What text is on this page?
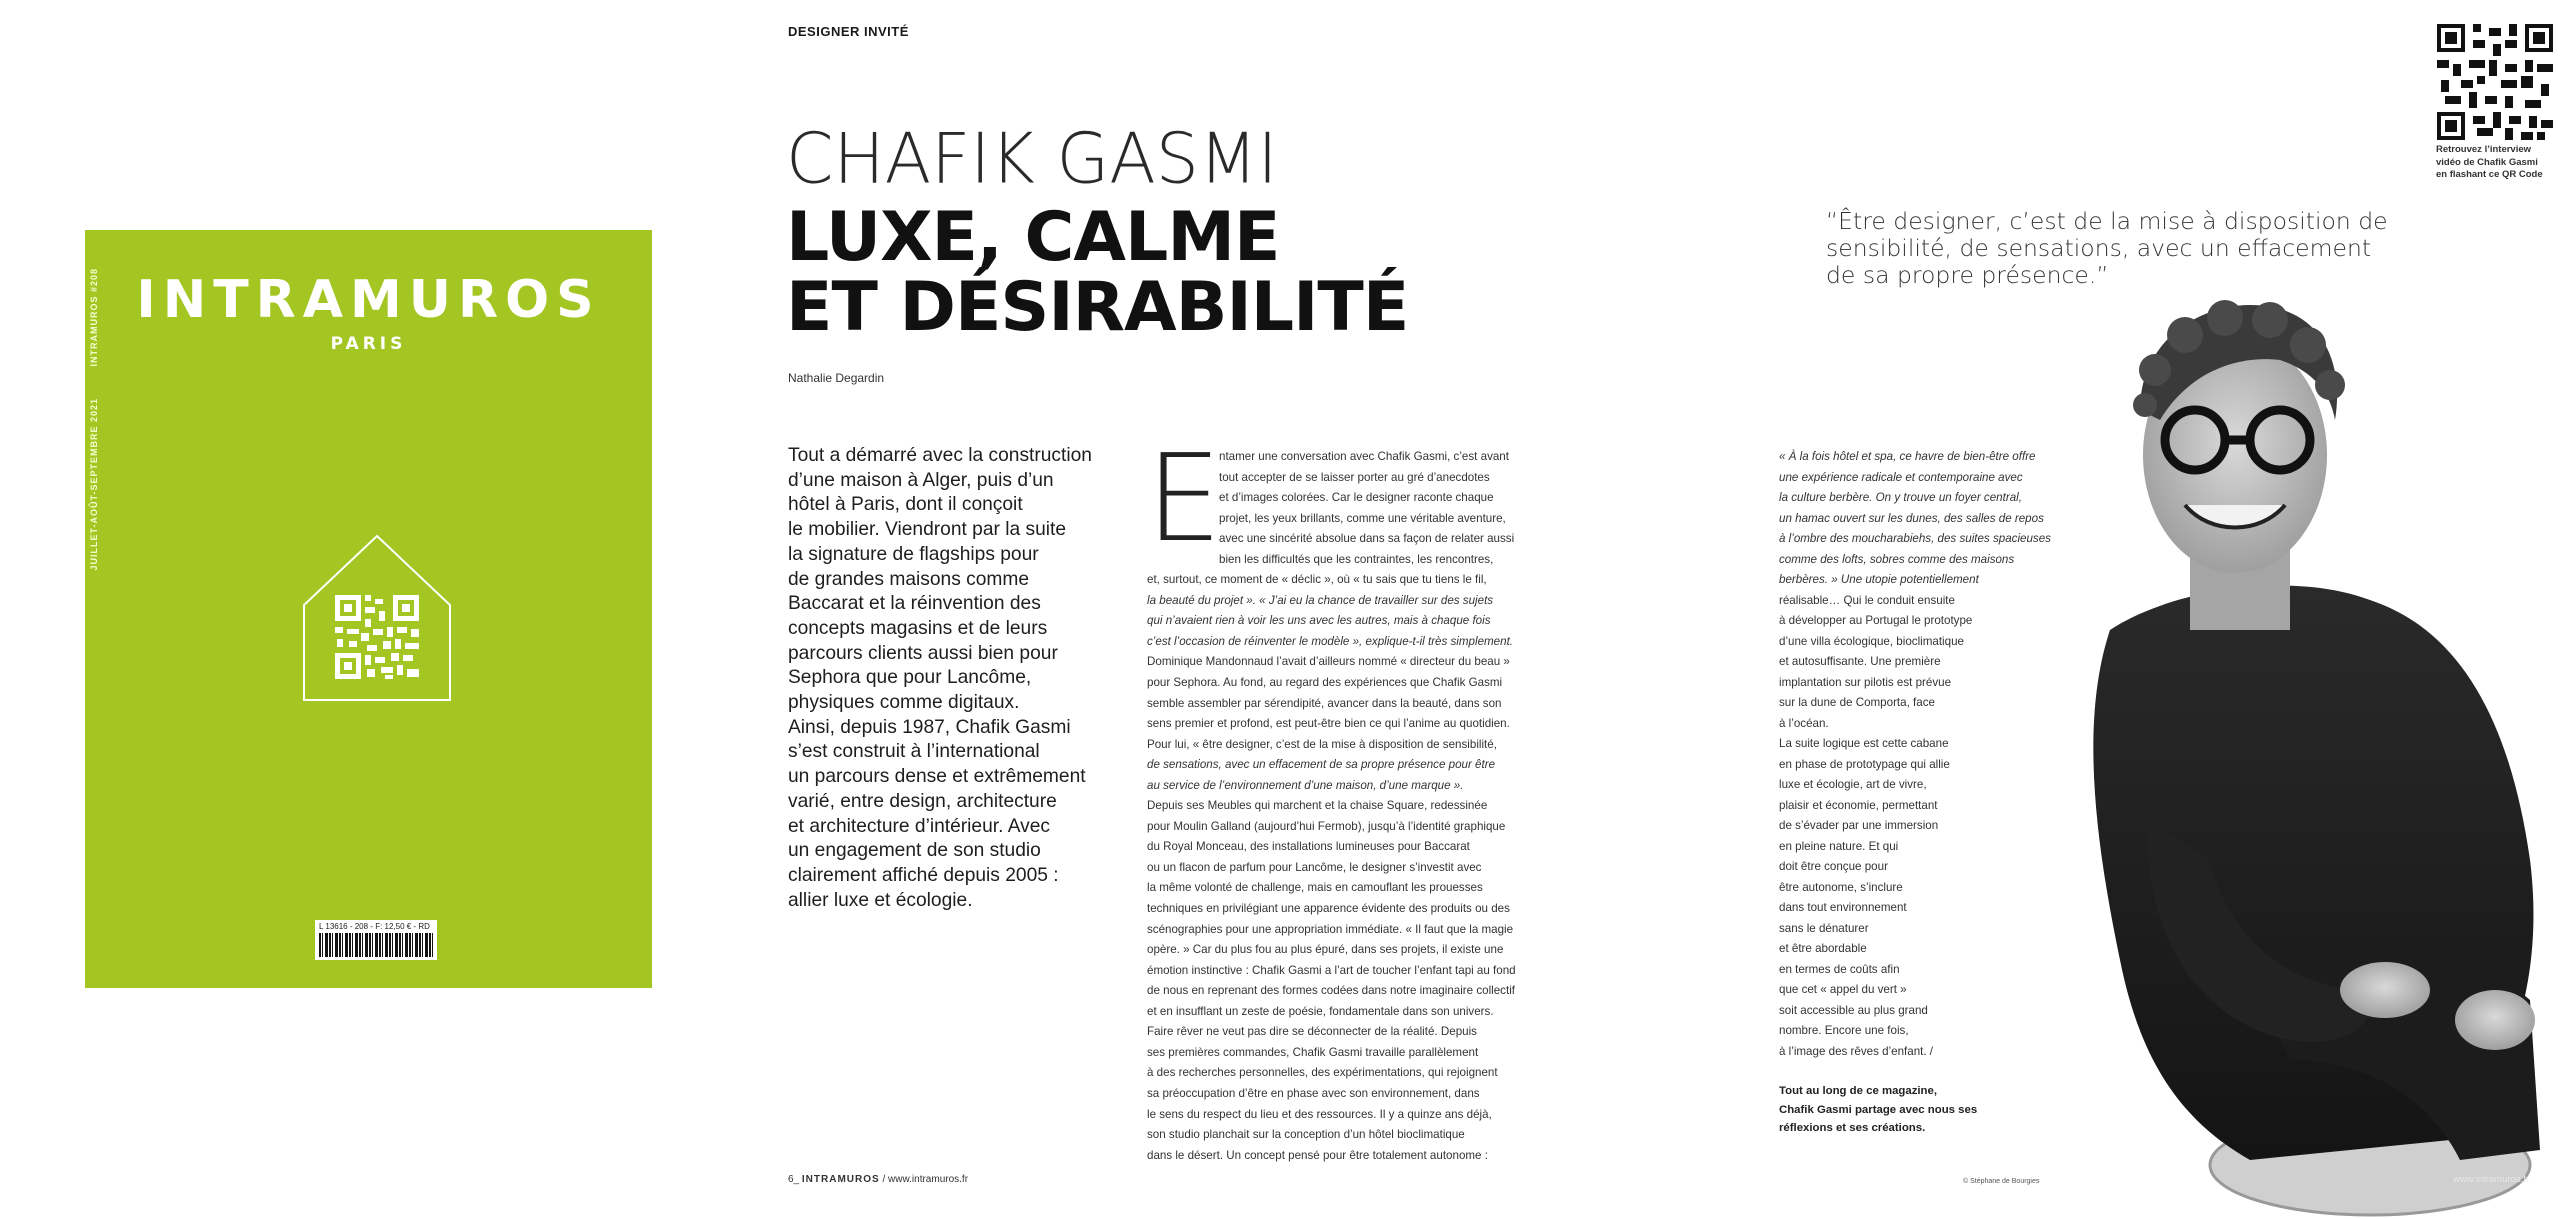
INTRAMUROS #208
JUILLET-AOÛT-SEPTEMBRE 2021
INTRAMUROS
PARIS
L 13616 - 208 - F: 12,50 € - RD
DESIGNER INVITÉ
CHAFIK GASMI
LUXE, CALME
ET DÉSIRABILITÉ
Nathalie Degardin
Tout a démarré avec la construction
d’une maison à Alger, puis d’un
hôtel à Paris, dont il conçoit
le mobilier. Viendront par la suite
la signature de flagships pour
de grandes maisons comme
Baccarat et la réinvention des
concepts magasins et de leurs
parcours clients aussi bien pour
Sephora que pour Lancôme,
physiques comme digitaux.
Ainsi, depuis 1987, Chafik Gasmi
s’est construit à l’international
un parcours dense et extrêmement
varié, entre design, architecture
et architecture d’intérieur. Avec
un engagement de son studio
clairement affiché depuis 2005 :
allier luxe et écologie.
E
ntamer une conversation avec Chafik Gasmi, c’est avant
tout accepter de se laisser porter au gré d’anecdotes
et d’images colorées. Car le designer raconte chaque
projet, les yeux brillants, comme une véritable aventure,
avec une sincérité absolue dans sa façon de relater aussi
bien les difficultés que les contraintes, les rencontres,
et, surtout, ce moment de « déclic », où « tu sais que tu tiens le fil,
la beauté du projet ». « J’ai eu la chance de travailler sur des sujets
qui n’avaient rien à voir les uns avec les autres, mais à chaque fois
c’est l’occasion de réinventer le modèle », explique-t-il très simplement.
Dominique Mandonnaud l’avait d’ailleurs nommé « directeur du beau »
pour Sephora. Au fond, au regard des expériences que Chafik Gasmi
semble assembler par sérendipité, avancer dans la beauté, dans son
sens premier et profond, est peut-être bien ce qui l’anime au quotidien.
Pour lui, « être designer, c’est de la mise à disposition de sensibilité,
de sensations, avec un effacement de sa propre présence pour être
au service de l’environnement d’une maison, d’une marque ».
Depuis ses Meubles qui marchent et la chaise Square, redessinée
pour Moulin Galland (aujourd’hui Fermob), jusqu’à l’identité graphique
du Royal Monceau, des installations lumineuses pour Baccarat
ou un flacon de parfum pour Lancôme, le designer s’investit avec
la même volonté de challenge, mais en camouflant les prouesses
techniques en privilégiant une apparence évidente des produits ou des
scénographies pour une appropriation immédiate. « Il faut que la magie
opère. » Car du plus fou au plus épuré, dans ses projets, il existe une
émotion instinctive : Chafik Gasmi a l’art de toucher l’enfant tapi au fond
de nous en reprenant des formes codées dans notre imaginaire collectif
et en insufflant un zeste de poésie, fondamentale dans son univers.
Faire rêver ne veut pas dire se déconnecter de la réalité. Depuis
ses premières commandes, Chafik Gasmi travaille parallèlement
à des recherches personnelles, des expérimentations, qui rejoignent
sa préoccupation d’être en phase avec son environnement, dans
le sens du respect du lieu et des ressources. Il y a quinze ans déjà,
son studio planchait sur la conception d’un hôtel bioclimatique
dans le désert. Un concept pensé pour être totalement autonome :
6_ INTRAMUROS / www.intramuros.fr
“Être designer, c’est de la mise à disposition de
sensibilité, de sensations, avec un effacement
de sa propre présence.”
« À la fois hôtel et spa, ce havre de bien-être offre
une expérience radicale et contemporaine avec
la culture berbère. On y trouve un foyer central,
un hamac ouvert sur les dunes, des salles de repos
à l’ombre des moucharabiehs, des suites spacieuses
comme des lofts, sobres comme des maisons
berbères. » Une utopie potentiellement
réalisable… Qui le conduit ensuite
à développer au Portugal le prototype
d’une villa écologique, bioclimatique
et autosuffisante. Une première
implantation sur pilotis est prévue
sur la dune de Comporta, face
à l’océan.
La suite logique est cette cabane
en phase de prototypage qui allie
luxe et écologie, art de vivre,
plaisir et économie, permettant
de s’évader par une immersion
en pleine nature. Et qui
doit être conçue pour
être autonome, s’inclure
dans tout environnement
sans le dénaturer
et être abordable
en termes de coûts afin
que cet « appel du vert »
soit accessible au plus grand
nombre. Encore une fois,
à l’image des rêves d’enfant. /
Tout au long de ce magazine,
Chafik Gasmi partage avec nous ses
réflexions et ses créations.
© Stéphane de Bourgies	www.intramuros.fr
Retrouvez l’interview
vidéo de Chafik Gasmi
en flashant ce QR Code
